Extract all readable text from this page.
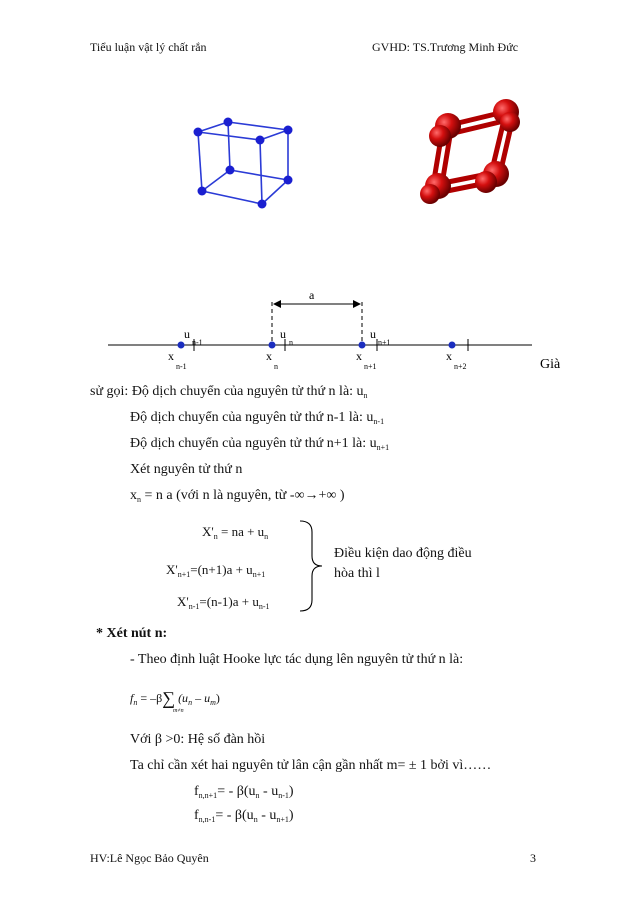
Tiểu luận vật lý chất rắn	GVHD: TS.Trương Minh Đức
a
u
n-1
u
n
u
n+1
x
n-1
x
n
x
n+1
x
n+2	Già
sử gọi: Độ dịch chuyển của nguyên tử thứ n là: $u_n$
Độ dịch chuyển của nguyên tử thứ n-1 là: $u_{n-1}$
Độ dịch chuyển của nguyên tử thứ n+1 là: $u_{n+1}$
Xét nguyên tử thứ n
$x_n = n$ a (với n là nguyên, từ -∞→+∞ )
$X'_n$ = na + $u_n$
$X'_{n+1}=(n+1)a + u_{n+1}$
$X'_{n-1}=(n-1)a + u_{n-1}$
Điều kiện dao động điều
hòa thì l
* Xét nút n:
- Theo định luật Hooke lực tác dụng lên nguyên tử thứ n là:
$f_n = -\beta\sum$ $(u_n - u_m)$
m≠n
Với β >0: Hệ số đàn hồi
Ta chỉ cần xét hai nguyên tử lân cận gần nhất m= ± 1 bởi vì……
$f_{n,n+1}= - \beta(u_n - u_{n-1})$
$f_{n,n-1}= - \beta(u_n - u_{n+1})$
HV:Lê Ngọc Bảo Quyên	3
